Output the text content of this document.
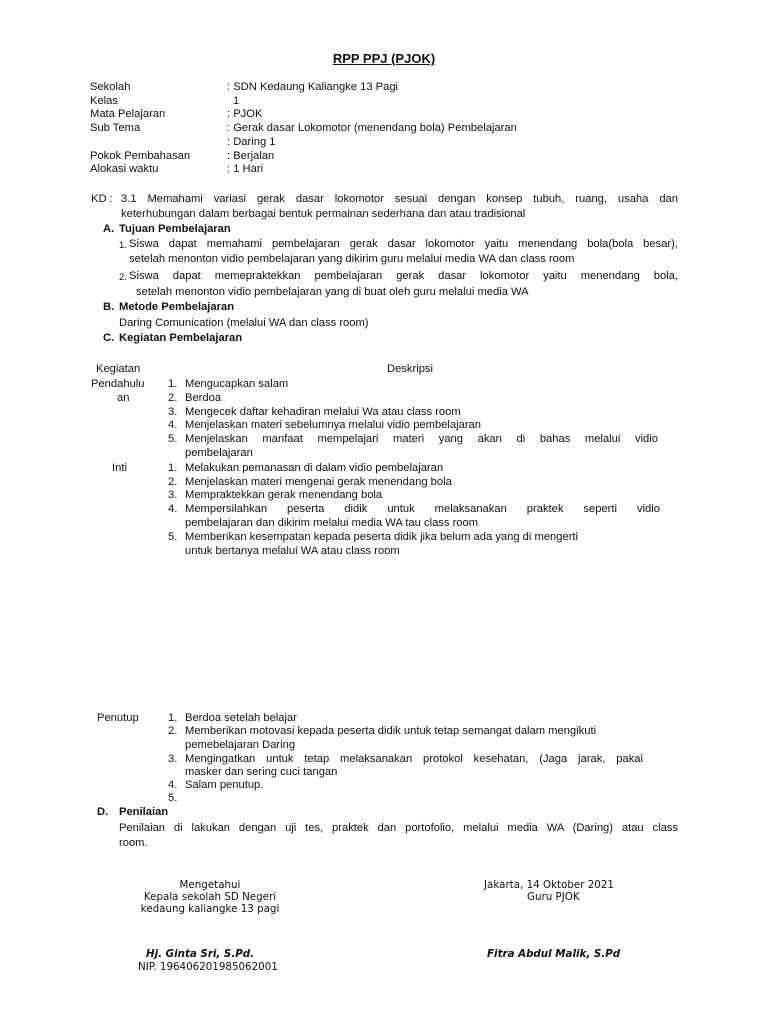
RPP PPJ (PJOK)
Sekolah	: SDN Kedaung Kaliangke 13 Pagi
Kelas	1
Mata Pelajaran	: PJOK
Sub Tema	: Gerak dasar Lokomotor (menendang bola) Pembelajaran
: Daring 1
Pokok Pembahasan	: Berjalan
Alokasi waktu	: 1 Hari
KD : 3.1 Memahami variasi gerak dasar lokomotor sesuai dengan konsep tubuh, ruang, usaha dan
keterhubungan dalam berbagai bentuk permainan sederhana dan atau tradisional
A. Tujuan Pembelajaran
1. Siswa dapat memahami pembelajaran gerak dasar lokomotor yaitu menendang bola(bola besar),
setelah menonton vidio pembelajaran yang dikirim guru melalui media WA dan class room
2. Siswa dapat memepraktekkan pembelajaran gerak dasar lokomotor yaitu menendang bola,
setelah menonton vidio pembelajaran yang di buat oleh guru melalui media WA
B. Metode Pembelajaran
Daring Comunication (melalui WA dan class room)
C. Kegiatan Pembelajaran
Kegiatan	Deskripsi
Pendahulu
an
1. Mengucapkan salam
2. Berdoa
3. Mengecek daftar kehadiran melalui Wa atau class room
4. Menjelaskan materi sebelumnya melalui vidio pembelajaran
5. Menjelaskan manfaat mempelajari materi yang akan di bahas melalui vidio
pembelajaran
Inti	1. Melakukan pemanasan di dalam vidio pembelajaran
2. Menjelaskan materi mengenai gerak menendang bola
3. Mempraktekkan gerak menendang bola
4. Mempersilahkan peserta didik untuk melaksanakan praktek seperti vidio
pembelajaran dan dikirim melalui media WA tau class room
5. Memberikan kesempatan kepada peserta didik jika belum ada yang di mengerti
untuk bertanya melalui WA atau class room
Penutup	1. Berdoa setelah belajar
2. Memberikan motovasi kepada peserta didik untuk tetap semangat dalam mengikuti
pemebelajaran Daring
3. Mengingatkan untuk tetap melaksanakan protokol kesehatan, (Jaga jarak, pakai
masker dan sering cuci tangan
4. Salam penutup.
5.
D. Penilaian
Penilaian di lakukan dengan uji tes, praktek dan portofolio, melalui media WA (Daring) atau class
room.
Mengetahui
Kepala sekolah SD Negeri
kedaung kaliangke 13 pagi
Hj. Ginta Sri, S.Pd.
NIP. 196406201985062001
Jakarta, 14 Oktober 2021
Guru PJOK
Fitra Abdul Malik, S.Pd
